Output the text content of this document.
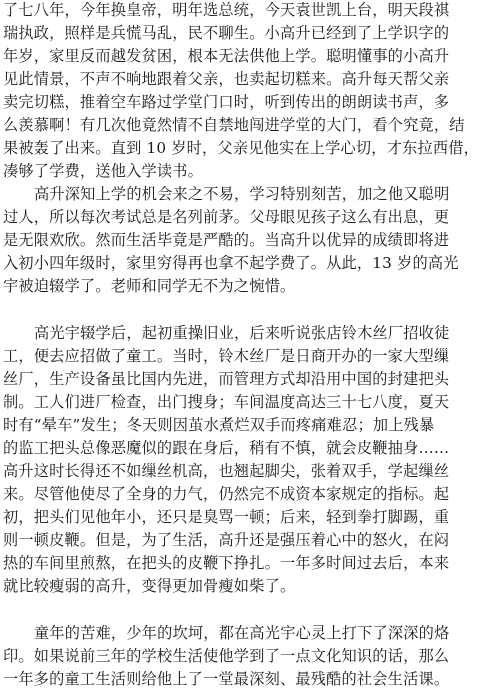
了七八年，今年换皇帝，明年选总统，今天袁世凯上台，明天段祺
瑞执政，照样是兵慌马乱，民不聊生。小高升已经到了上学识字的
年岁，家里反而越发贫困，根本无法供他上学。聪明懂事的小高升
见此情景，不声不响地跟着父亲，也卖起切糕来。高升每天帮父亲
卖完切糕，推着空车路过学堂门口时，听到传出的朗朗读书声，多
么羡慕啊！有几次他竟然情不自禁地闯进学堂的大门，看个究竟，结
果被轰了出来。直到 10 岁时，父亲见他实在上学心切，才东拉西借，
凑够了学费，送他入学读书。
高升深知上学的机会来之不易，学习特别刻苦，加之他又聪明
过人，所以每次考试总是名列前茅。父母眼见孩子这么有出息，更
是无限欢欣。然而生活毕竟是严酷的。当高升以优异的成绩即将进
入初小四年级时，家里穷得再也拿不起学费了。从此，13 岁的高光
宇被迫辍学了。老师和同学无不为之惋惜。
高光宇辍学后，起初重操旧业，后来听说张店铃木丝厂招收徒
工，便去应招做了童工。当时，铃木丝厂是日商开办的一家大型缫
丝厂，生产设备虽比国内先进，而管理方式却沿用中国的封建把头
制。工人们进厂检查，出门搜身；车间温度高达三十七八度，夏天
时有“晕车”发生；冬天则因茧水煮烂双手而疼痛难忍；加上残暴
的监工把头总像恶魔似的跟在身后，稍有不慎，就会皮鞭抽身……
高升这时长得还不如缫丝机高，也翘起脚尖，张着双手，学起缫丝
来。尽管他使尽了全身的力气，仍然完不成资本家规定的指标。起
初，把头们见他年小，还只是臭骂一顿；后来，轻到拳打脚踢，重
则一顿皮鞭。但是，为了生活，高升还是强压着心中的怒火，在闷
热的车间里煎熬，在把头的皮鞭下挣扎。一年多时间过去后，本来
就比较瘦弱的高升，变得更加骨瘦如柴了。
童年的苦难，少年的坎坷，都在高光宇心灵上打下了深深的烙
印。如果说前三年的学校生活使他学到了一点文化知识的话，那么
一年多的童工生活则给他上了一堂最深刻、最残酷的社会生活课。
